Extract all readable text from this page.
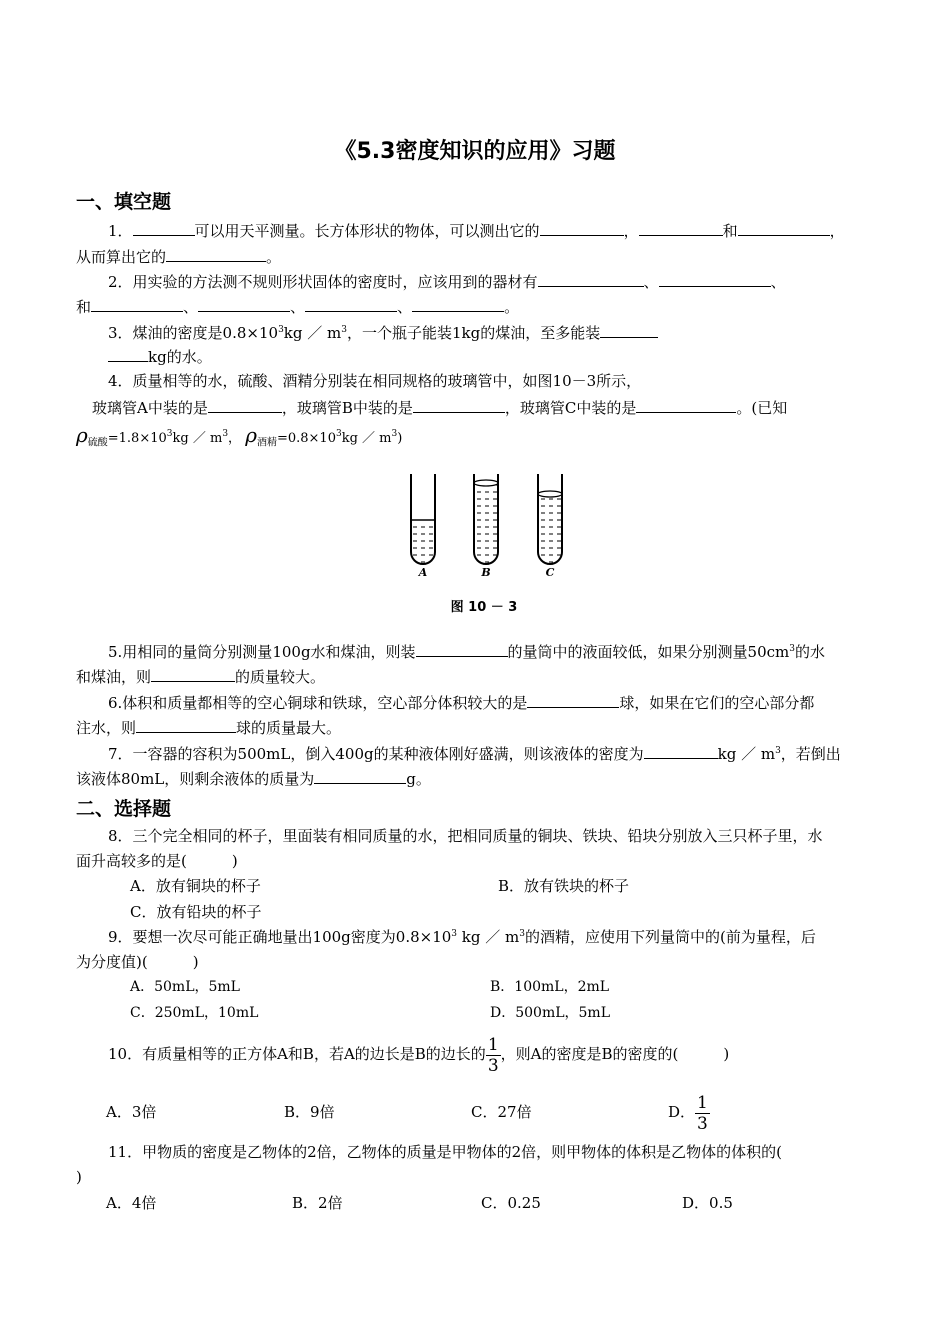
《5.3密度知识的应用》习题
一、填空题
1．	可以用天平测量。长方体形状的物体，可以测出它的	，	和	，
从而算出它的	。
2．用实验的方法测不规则形状固体的密度时，应该用到的器材有	、	、
和	、	、	、	。
3．煤油的密度是$0.8\times 10^3kg$ ／ $m^3$，一个瓶子能装1kg的煤油，至多能装
kg的水。
4．质量相等的水，硫酸、酒精分别装在相同规格的玻璃管中，如图10－3所示，
玻璃管A中装的是	，玻璃管B中装的是	，玻璃管C中装的是	。(已知
$\rho_{硫酸}=1.8\times 10^3kg$ ／ $m^3$， $\rho_{酒精}=0.8\times 10^3kg$ ／ $m^3$)
A	B	C
图 10 － 3
5.用相同的量筒分别测量100g水和煤油，则装	的量筒中的液面较低，如果分别测量$50cm^3$的水
和煤油，则	的质量较大。
6.体积和质量都相等的空心铜球和铁球，空心部分体积较大的是	球，如果在它们的空心部分都
注水，则	球的质量最大。
7．一容器的容积为500mL，倒入400g的某种液体刚好盛满，则该液体的密度为	kg ／ $m^3$，若倒出
该液体80mL，则剩余液体的质量为	g。
二、选择题
8．三个完全相同的杯子，里面装有相同质量的水，把相同质量的铜块、铁块、铅块分别放入三只杯子里，水
面升高较多的是(　　　)
A．放有铜块的杯子	B．放有铁块的杯子
C．放有铅块的杯子
9．要想一次尽可能正确地量出100g密度为$0.8\times 10^3$ kg ／ $m^3$的酒精，应使用下列量筒中的(前为量程，后
为分度值)(　　　)
A．50mL，5mL	B．100mL，2mL
C．250mL，10mL	D．500mL，5mL
10．有质量相等的正方体A和B，若A的边长是B的边长的 $\frac{1}{3}$ ，则A的密度是B的密度的(　　　)
A．3倍	B．9倍	C．27倍	D． $\frac{1}{3}$
11．甲物质的密度是乙物体的2倍，乙物体的质量是甲物体的2倍，则甲物体的体积是乙物体的体积的(
)
A．4倍	B．2倍	C．0.25	D．0.5
